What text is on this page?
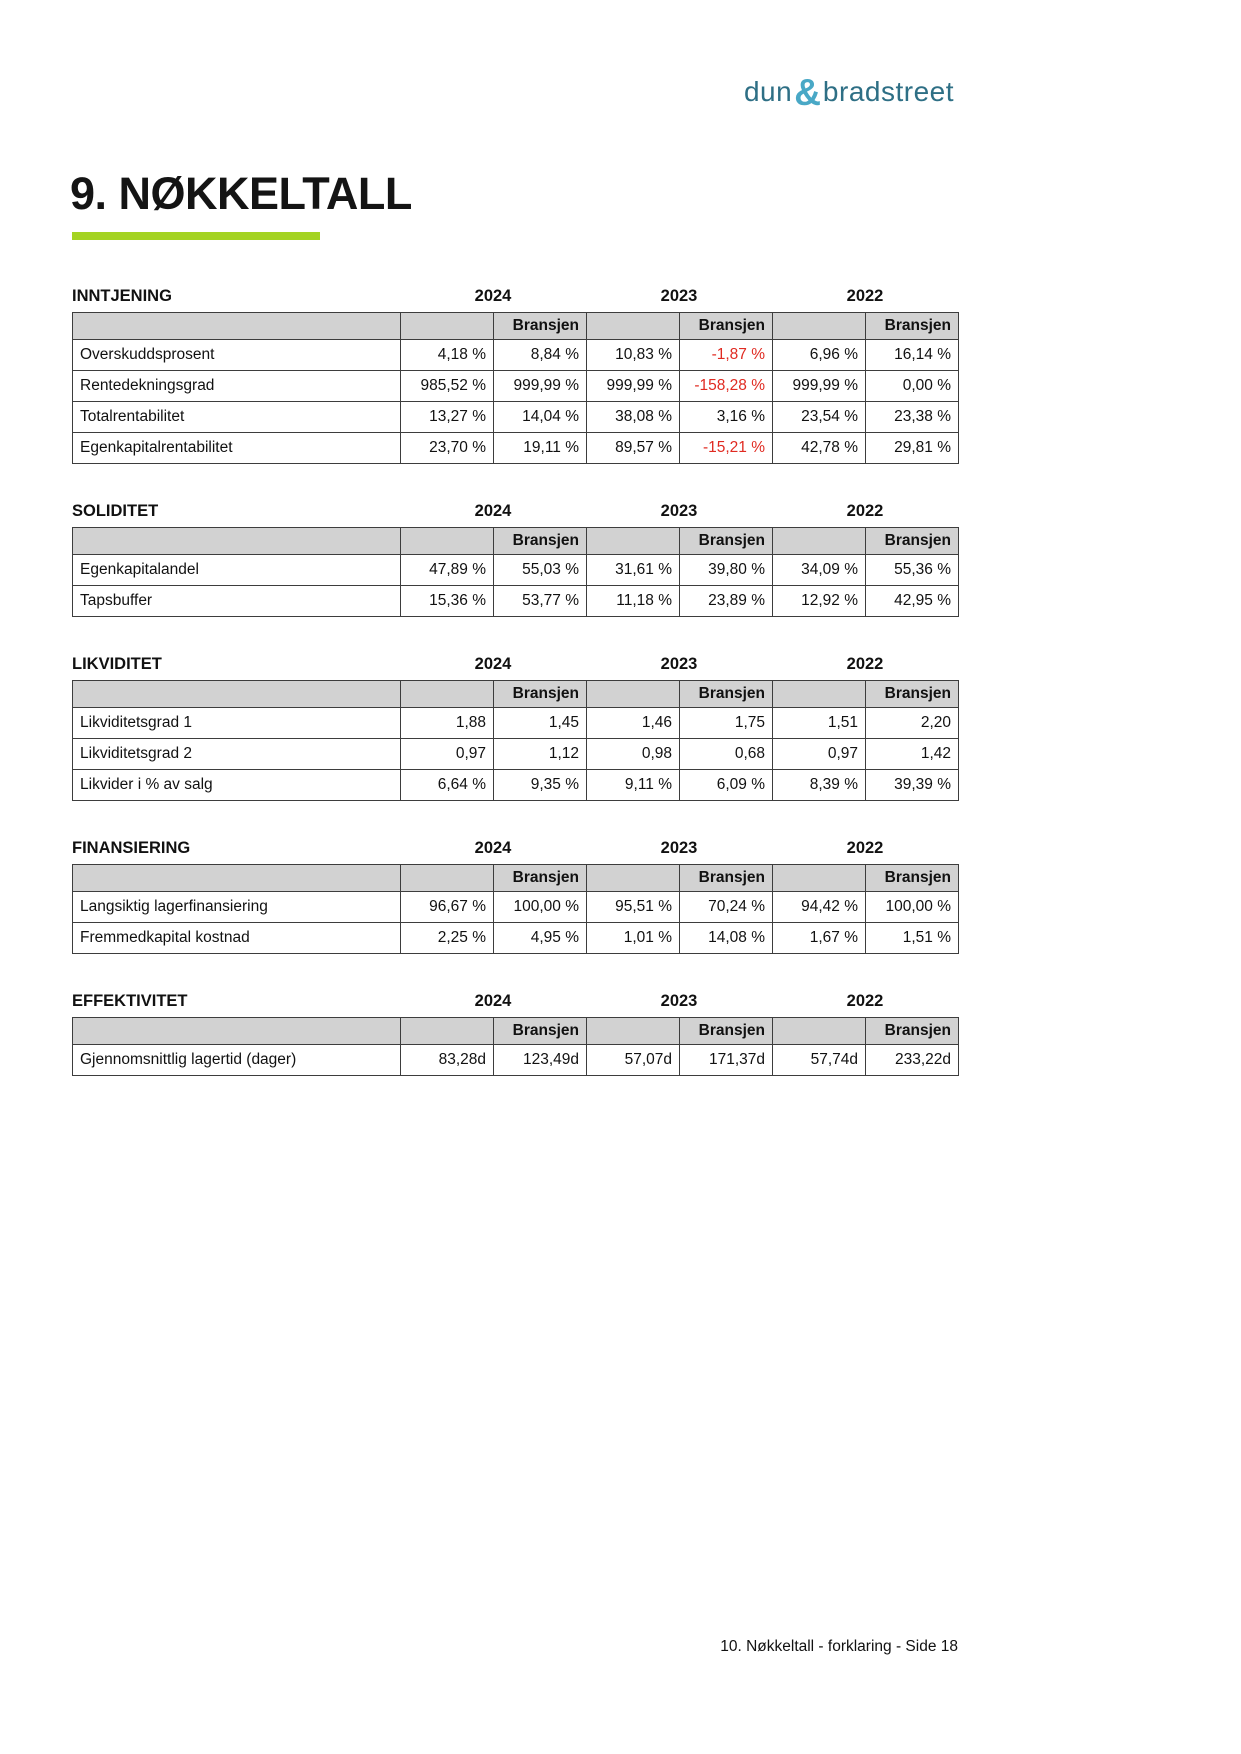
dun & bradstreet
9. NØKKELTALL
INNTJENING	2024	2023	2022
		Bransjen		Bransjen		Bransjen
Overskuddsprosent	4,18 %	8,84 %	10,83 %	-1,87 %	6,96 %	16,14 %
Rentedekningsgrad	985,52 %	999,99 %	999,99 %	-158,28 %	999,99 %	0,00 %
Totalrentabilitet	13,27 %	14,04 %	38,08 %	3,16 %	23,54 %	23,38 %
Egenkapitalrentabilitet	23,70 %	19,11 %	89,57 %	-15,21 %	42,78 %	29,81 %
SOLIDITET	2024	2023	2022
		Bransjen		Bransjen		Bransjen
Egenkapitalandel	47,89 %	55,03 %	31,61 %	39,80 %	34,09 %	55,36 %
Tapsbuffer	15,36 %	53,77 %	11,18 %	23,89 %	12,92 %	42,95 %
LIKVIDITET	2024	2023	2022
		Bransjen		Bransjen		Bransjen
Likviditetsgrad 1	1,88	1,45	1,46	1,75	1,51	2,20
Likviditetsgrad 2	0,97	1,12	0,98	0,68	0,97	1,42
Likvider i % av salg	6,64 %	9,35 %	9,11 %	6,09 %	8,39 %	39,39 %
FINANSIERING	2024	2023	2022
		Bransjen		Bransjen		Bransjen
Langsiktig lagerfinansiering	96,67 %	100,00 %	95,51 %	70,24 %	94,42 %	100,00 %
Fremmedkapital kostnad	2,25 %	4,95 %	1,01 %	14,08 %	1,67 %	1,51 %
EFFEKTIVITET	2024	2023	2022
		Bransjen		Bransjen		Bransjen
Gjennomsnittlig lagertid (dager)	83,28d	123,49d	57,07d	171,37d	57,74d	233,22d
10. Nøkkeltall - forklaring - Side 18
